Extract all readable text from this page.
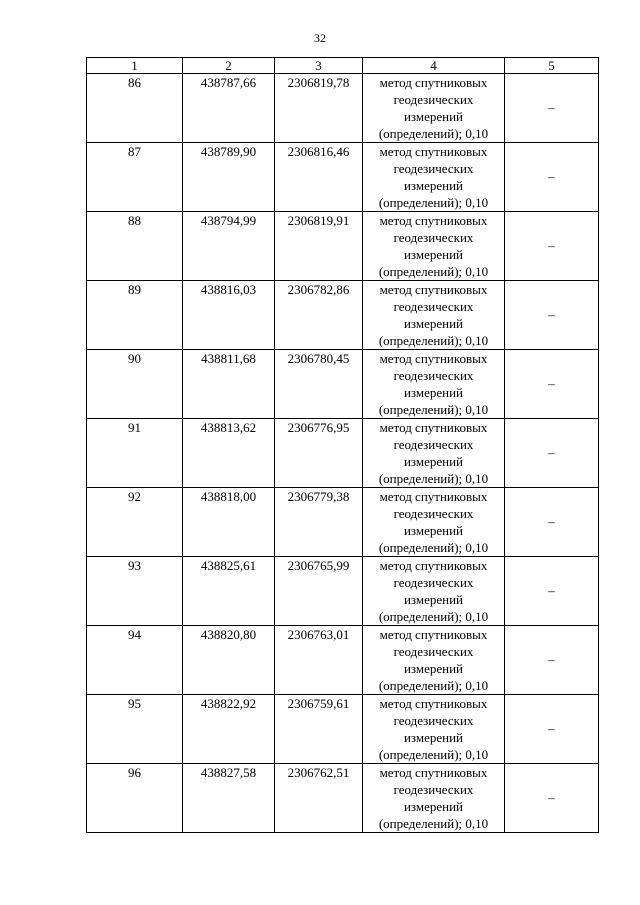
32
1	2	3	4	5
86	438787,66	2306819,78	метод спутниковых
геодезических
измерений
(определений); 0,10	–
87	438789,90	2306816,46	метод спутниковых
геодезических
измерений
(определений); 0,10	–
88	438794,99	2306819,91	метод спутниковых
геодезических
измерений
(определений); 0,10	–
89	438816,03	2306782,86	метод спутниковых
геодезических
измерений
(определений); 0,10	–
90	438811,68	2306780,45	метод спутниковых
геодезических
измерений
(определений); 0,10	–
91	438813,62	2306776,95	метод спутниковых
геодезических
измерений
(определений); 0,10	–
92	438818,00	2306779,38	метод спутниковых
геодезических
измерений
(определений); 0,10	–
93	438825,61	2306765,99	метод спутниковых
геодезических
измерений
(определений); 0,10	–
94	438820,80	2306763,01	метод спутниковых
геодезических
измерений
(определений); 0,10	–
95	438822,92	2306759,61	метод спутниковых
геодезических
измерений
(определений); 0,10	–
96	438827,58	2306762,51	метод спутниковых
геодезических
измерений
(определений); 0,10	–
